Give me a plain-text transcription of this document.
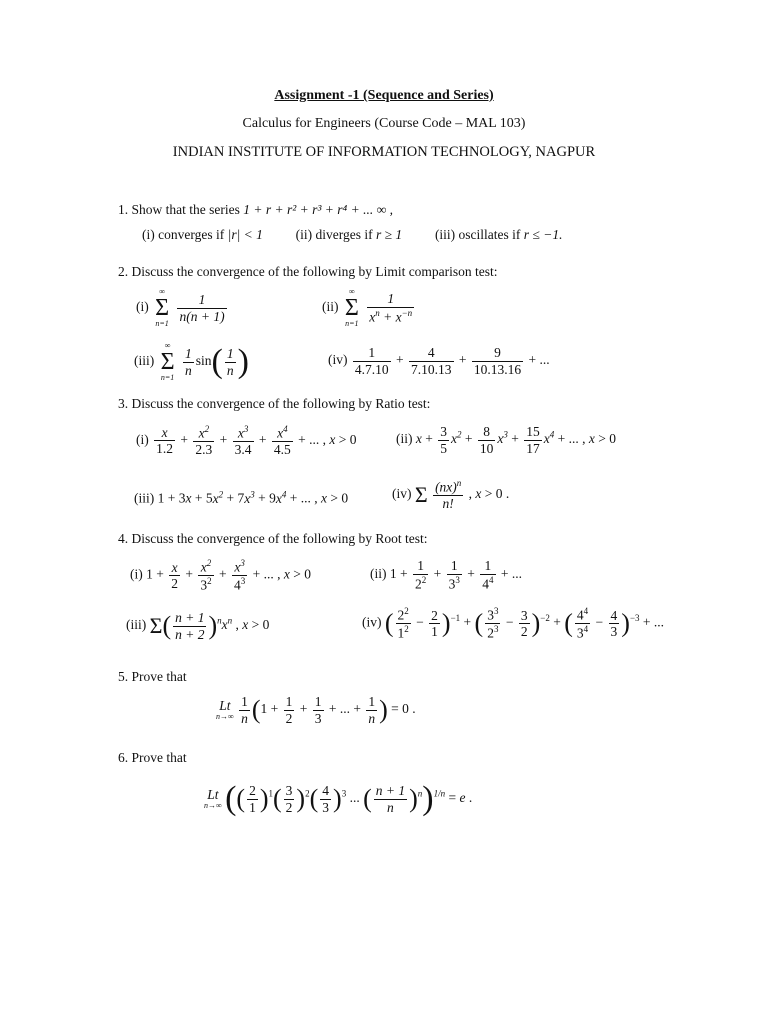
Assignment -1 (Sequence and Series)
Calculus for Engineers (Course Code – MAL 103)
INDIAN INSTITUTE OF INFORMATION TECHNOLOGY, NAGPUR
1. Show that the series 1 + r + r² + r³ + r⁴ + ... ∞ ,
(i) converges if |r| < 1 (ii) diverges if r ≥ 1 (iii) oscillates if r ≤ −1.
2. Discuss the convergence of the following by Limit comparison test:
(i)
∞
Σ
n=1
$\frac{1}{n(n + 1)}$	(ii)
∞
Σ
n=1
$\frac{1}{x^n + x^{-n}}$
(iii)
∞
Σ
n=1
$\frac{1}{n} \sin( \frac{1}{n}$ )	$(iv) \frac{1}{4.7.10} + \frac{4}{7.10.13} + \frac{9}{10.13.16}$ + ...
3. Discuss the convergence of the following by Ratio test:
$(i) \frac{x}{1.2} + \frac{x^2}{2.3} + \frac{x^3}{3.4} + \frac{x^4}{4.5}$ + ... , x > 0	(ii) $x + \frac{3}{5} x^2 + \frac{8}{10} x^3 + \frac{15}{17} x^4$ + ... , x > 0
(iii) $1 + 3x + 5x^2 + 7x^3 + 9x^4$ + ... , x > 0	(iv) Σ $\frac{(nx)^n}{n!}$ , x > 0 .
4. Discuss the convergence of the following by Root test:
(i) $1 + \frac{x}{2} + \frac{x^2}{3^2} + \frac{x^3}{4^3}$ + ... , x > 0	(ii) $1 + \frac{1}{2^2} + \frac{1}{3^3} + \frac{1}{4^4}$ + ...
(iii) $\Sigma( \frac{n + 1}{n + 2} )^nx^n$ , x > 0	(iv) ( $\frac{2^2}{1^2} - \frac{2}{1} )^{-1}$ + ( $\frac{3^3}{2^3} - \frac{3}{2} )^{-2}$ + ( $\frac{4^4}{3^4} - \frac{4}{3} )^{-3}$ + ...
5. Prove that
Lt
n→∞
$\frac{1}{n} (1 + \frac{1}{2} + \frac{1}{3}$ + ... + $\frac{1}{n}$ ) = 0 .
6. Prove that
Lt
n→∞ (( $\frac{2}{1} )^1( \frac{3}{2} )^2( \frac{4}{3} )^3$ ... ( $\frac{n + 1}{n} )^n)^{1/n} = e$ .
